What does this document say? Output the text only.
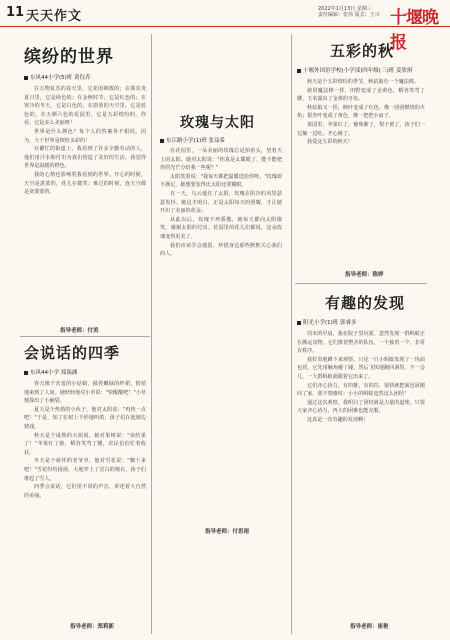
11 天天作文	2022年1月13日 星期三
责任编辑：张伟 版式：王兴 十堰晚报
缤纷的世界
东风44小学(5)班 黄钰乔

在万物复苏的春天里，它花团锦簇的；在那炎炎夏日里，它是绿色的；在金秋时节，它是红色的；在寒冷的冬天，它是白色的。在蔚蓝的天空里，它是蓝色的，在五颜六色的花园里，它是五彩缤纷的。你看，它是多么美丽呀！

世界是什么颜色？每个人的答案各不相同。因为，大千世界是缤纷多彩的！

在繁忙的街道上，我看到了许多辛勤劳动的人，他们用汗水和付出为我们创造了美好的生活，我觉得世界是温暖的橙色。

我的心情也影响着我看到的世界。开心的时候，天空是湛蓝的，花儿在微笑；难过的时候，连天空都是灰蒙蒙的。

指导老师：付美
会说话的四季
东风44小学 郑瑞涵

春天像个害羞的小姑娘，披着嫩绿的纱裙，悄悄地来到了人间。她轻轻地对小草说："快醒醒吧！"小草便探出了小脑袋。

夏天是个热情的小伙子，他对太阳说："再热一点吧！"于是，知了在树上不停地叫着，孩子们在池塘边嬉戏。

秋天是个成熟的大姐姐，她对果树说："该结果了！"苹果红了脸，稻谷笑弯了腰，农民伯伯忙着收获。

冬天是个慈祥的老爷爷，他对雪花说："飘下来吧！"雪花纷纷扬扬，大地穿上了洁白的棉衣，孩子们堆起了雪人。

四季会说话，它们用不同的声音，讲述着大自然的美丽。

指导老师：郑莉新
玫瑰与太阳
东江路小学(1)班 张益希

在花园里，一朵美丽的玫瑰总是抬着头，望着天上的太阳。她对太阳说："你真是太耀眼了，能不能把你的光芒分给我一些呢？"

太阳笑着说："我每天都把温暖送给你呀。"玫瑰却不满足，她想要变得比太阳还要耀眼。

有一天，乌云遮住了太阳，玫瑰在阴冷的风里瑟瑟发抖。她这才明白，正是太阳每天的照耀，才让她开出了美丽的花朵。

从此以后，玫瑰不再骄傲，她每天都向太阳微笑，感谢太阳的付出。花园里的花儿们都说，这朵玫瑰变得更美了。

我们应该学会感恩，珍惜身边那些默默关心我们的人。

指导老师：付思雨
五彩的秋
十堰外国语学校(小学部)四年级(三)班 姜欣琪

秋天是个五彩缤纷的季节，秋姑娘有一个魔法棒。

她用魔法棒一挥，田野变成了金黄色，稻谷笑弯了腰，玉米露出了金黄的牙齿。

秋姑娘又一挥，枫叶变成了红色，像一团团燃烧的火焰；银杏叶变成了黄色，像一把把小扇子。

果园里，苹果红了，葡萄紫了，梨子黄了，孩子们一边摘一边吃，开心极了。

我爱这五彩的秋天！

指导老师：陈婷
有趣的发现
阳光小学(1)班 郭睿多

周末的早晨，我在院子里玩耍，忽然发现一群蚂蚁正在搬运食物。它们排着整齐的队伍，一个接着一个，非常有秩序。

我好奇地蹲下来观察。只见一只小蚂蚁发现了一块面包屑，它先用触角碰了碰，然后飞快地跑回洞里。不一会儿，一大群蚂蚁就跟着它出来了。

它们齐心协力，有的推，有的拉，很快就把面包屑搬回了家。我不禁感叹：小小的蚂蚁竟然这么团结！

通过这次观察，我明白了团结就是力量的道理。只要大家齐心协力，再大的困难也能克服。

这真是一次有趣的发现啊！

指导老师：崔艳
